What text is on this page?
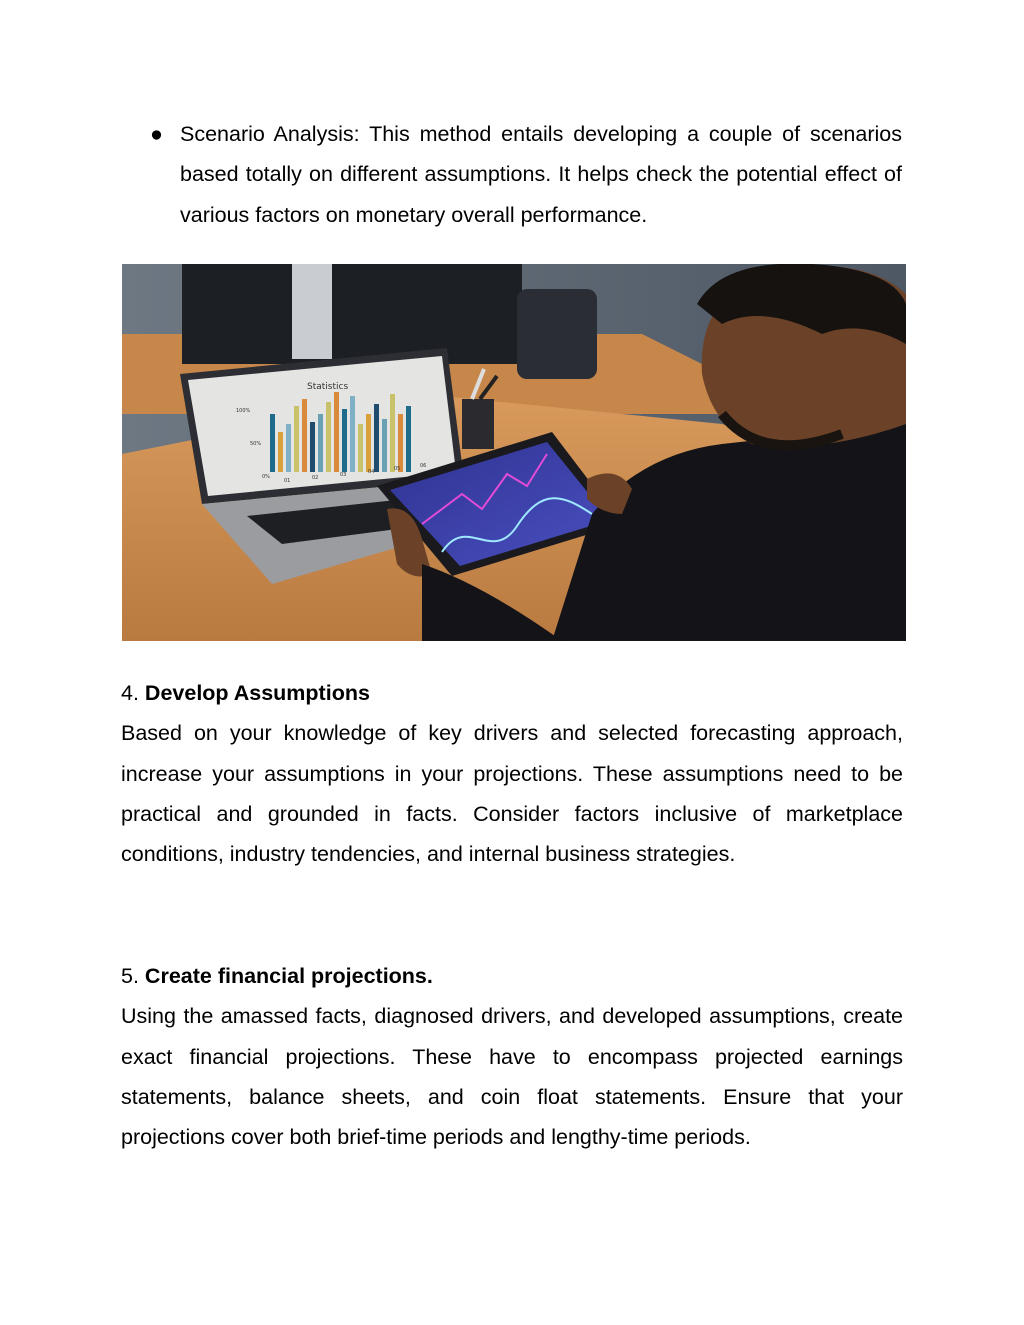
● Scenario Analysis: This method entails developing a couple of scenarios based totally on different assumptions. It helps check the potential effect of various factors on monetary overall performance.
Statistics
100%
50%
0%
01	02	03	04	05	06

4. Develop Assumptions

Based on your knowledge of key drivers and selected forecasting approach, increase your assumptions in your projections. These assumptions need to be practical and grounded in facts. Consider factors inclusive of marketplace conditions, industry tendencies, and internal business strategies.

5. Create financial projections.

Using the amassed facts, diagnosed drivers, and developed assumptions, create exact financial projections. These have to encompass projected earnings statements, balance sheets, and coin float statements. Ensure that your projections cover both brief-time periods and lengthy-time periods.
